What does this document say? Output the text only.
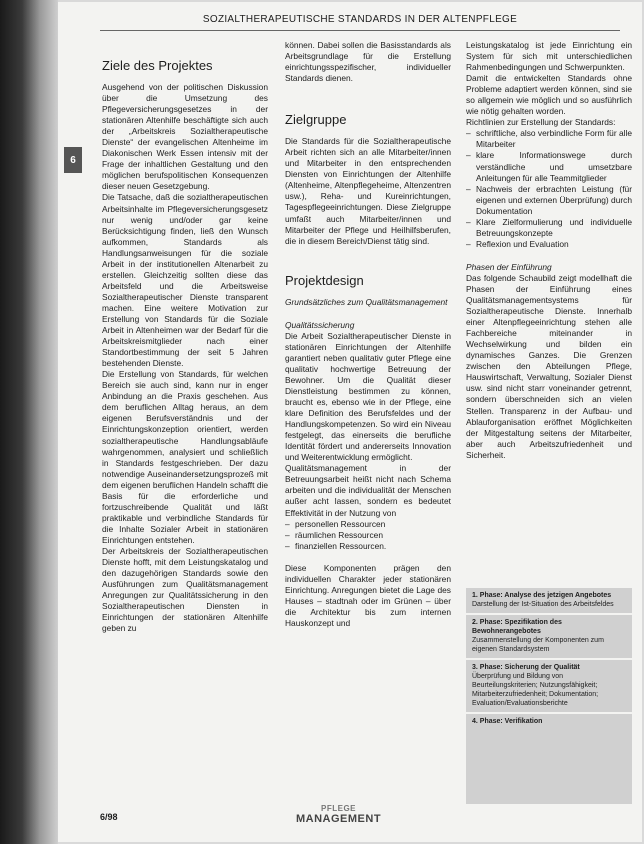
6
SOZIALTHERAPEUTISCHE STANDARDS IN DER ALTENPFLEGE
Ziele des Projektes

Ausgehend von der politischen Diskussion über die Umsetzung des Pflegeversicherungsgesetzes in der stationären Altenhilfe beschäftigte sich auch der „Arbeitskreis Sozialtherapeutische Dienste“ der evangelischen Altenheime im Diakonischen Werk Essen intensiv mit der Frage der inhaltlichen Gestaltung und den möglichen berufspolitischen Konsequenzen dieser neuen Gesetzgebung.

Die Tatsache, daß die sozialtherapeutischen Arbeitsinhalte im Pflegeversicherungsgesetz nur wenig und/oder gar keine Berücksichtigung finden, ließ den Wunsch aufkommen, Standards als Handlungsanweisungen für die soziale Arbeit in der institutionellen Altenarbeit zu erstellen. Gleichzeitig sollten diese das Arbeitsfeld und die Arbeitsweise Sozialtherapeutischer Dienste transparent machen. Eine weitere Motivation zur Erstellung von Standards für die Soziale Arbeit in Altenheimen war der Bedarf für die Arbeitskreismitglieder nach einer Standortbestimmung der seit 5 Jahren bestehenden Dienste.

Die Erstellung von Standards, für welchen Bereich sie auch sind, kann nur in enger Anbindung an die Praxis geschehen. Aus dem beruflichen Alltag heraus, an dem eigenen Berufsverständnis und der Einrichtungskonzeption orientiert, werden sozialtherapeutische Handlungsabläufe wahrgenommen, analysiert und schließlich in Standards festgeschrieben. Der dazu notwendige Auseinandersetzungsprozeß mit dem eigenen beruflichen Handeln schafft die Basis für die erforderliche und fortzuschreibende Qualität und läßt praktikable und verbindliche Standards für die Inhalte Sozialer Arbeit in stationären Einrichtungen entstehen.

Der Arbeitskreis der Sozialtherapeutischen Dienste hofft, mit dem Leistungskatalog und den dazugehörigen Standards sowie den Ausführungen zum Qualitätsmanagement Anregungen zur Qualitätssicherung in den Sozialtherapeutischen Diensten in Einrichtungen der stationären Altenhilfe geben zu

können. Dabei sollen die Basisstandards als Arbeitsgrundlage für die Erstellung einrichtungsspezifischer, individueller Standards dienen.

Zielgruppe

Die Standards für die Sozialtherapeutische Arbeit richten sich an alle Mitarbeiter/innen und Mitarbeiter in den entsprechenden Diensten von Einrichtungen der Altenhilfe (Altenheime, Altenpflegeheime, Altenzentren usw.), Reha- und Kureinrichtungen, Tagespflegeeinrichtungen. Diese Zielgruppe umfaßt auch Mitarbeiter/innen und Mitarbeiter der Pflege und Heilhilfsberufen, die in diesem Bereich/Dienst tätig sind.

Projektdesign

Grundsätzliches zum Qualitätsmanagement

Qualitätssicherung

Die Arbeit Sozialtherapeutischer Dienste in stationären Einrichtungen der Altenhilfe garantiert neben qualitativ guter Pflege eine qualitativ hochwertige Betreuung der Bewohner. Um die Qualität dieser Dienstleistung bestimmen zu können, braucht es, ebenso wie in der Pflege, eine klare Definition des Berufsfeldes und der Handlungskompetenzen. So wird ein Niveau festgelegt, das einerseits die berufliche Identität fördert und andererseits Innovation und Weiterentwicklung ermöglicht.

Qualitätsmanagement in der Betreuungsarbeit heißt nicht nach Schema arbeiten und die individualität der Menschen außer acht lassen, sondern es bedeutet Effektivität in der Nutzung von

– personellen Ressourcen
– räumlichen Ressourcen
– finanziellen Ressourcen.

Diese Komponenten prägen den individuellen Charakter jeder stationären Einrichtung. Anregungen bietet die Lage des Hauses – stadtnah oder im Grünen – über die Architektur bis zum internen Hauskonzept und

Leistungskatalog ist jede Einrichtung ein System für sich mit unterschiedlichen Rahmenbedingungen und Schwerpunkten.

Damit die entwickelten Standards ohne Probleme adaptiert werden können, sind sie so allgemein wie möglich und so ausführlich wie nötig gehalten worden.

Richtlinien zur Erstellung der Standards:

– schriftliche, also verbindliche Form für alle Mitarbeiter
– klare Informationswege durch verständliche und umsetzbare Anleitungen für alle Teammitglieder
– Nachweis der erbrachten Leistung (für eigenen und externen Überprüfung) durch Dokumentation
– Klare Zielformulierung und individuelle Betreuungskonzepte
– Reflexion und Evaluation

Phasen der Einführung

Das folgende Schaubild zeigt modellhaft die Phasen der Einführung eines Qualitätsmanagementsystems für Sozialtherapeutische Dienste. Innerhalb einer Altenpflegeeinrichtung stehen alle Fachbereiche miteinander in Wechselwirkung und bilden ein dynamisches Ganzes. Die Grenzen zwischen den Abteilungen Pflege, Hauswirtschaft, Verwaltung, Sozialer Dienst usw. sind nicht starr voneinander getrennt, sondern überschneiden sich an vielen Stellen. Transparenz in der Aufbau- und Ablauforganisation eröffnet Möglichkeiten der Mitgestaltung seitens der Mitarbeiter, aber auch Arbeitszufriedenheit und Sicherheit.

1. Phase: Analyse des jetzigen Angebotes
Darstellung der Ist-Situation des Arbeitsfeldes
2. Phase: Spezifikation des Bewohnerangebotes
Zusammenstellung der Komponenten zum eigenen Standardsystem
3. Phase: Sicherung der Qualität
Überprüfung und Bildung von Beurteilungskriterien; Nutzungsfähigkeit; Mitarbeiterzufriedenheit; Dokumentation; Evaluation/Evaluationsberichte
4. Phase: Verifikation
6/98
PFLEGE
MANAGEMENT
